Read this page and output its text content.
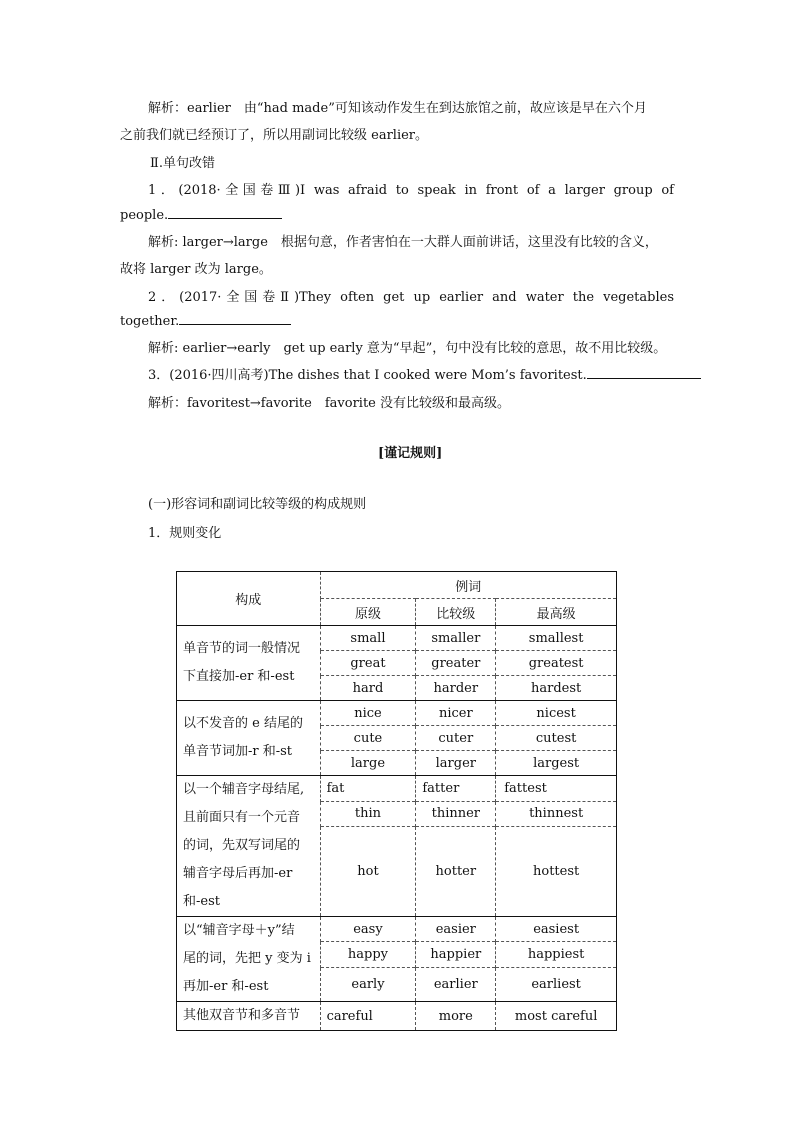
解析：earlier　由“had made”可知该动作发生在到达旅馆之前，故应该是早在六个月
之前我们就已经预订了，所以用副词比较级 earlier。
Ⅱ.单句改错
1．(2018·全国卷Ⅲ)I was afraid to speak in front of a larger group of
people.
解析: larger→large　根据句意，作者害怕在一大群人面前讲话，这里没有比较的含义，
故将 larger 改为 large。
2．(2017·全国卷Ⅱ)They often get up earlier and water the vegetables
together.
解析: earlier→early　get up early 意为“早起”，句中没有比较的意思，故不用比较级。
3．(2016·四川高考)The dishes that I cooked were Mom’s favoritest.
解析：favoritest→favorite　favorite 没有比较级和最高级。
[谨记规则]
(一)形容词和副词比较等级的构成规则
1．规则变化
构成	例词		
	原级	比较级	最高级

单音节的词一般情况
下直接加-er 和-est	small	smaller	smallest
	great	greater	greatest
	hard	harder	hardest

以不发音的 e 结尾的
单音节词加-r 和-st	nice	nicer	nicest
	cute	cuter	cutest
	large	larger	largest

以一个辅音字母结尾,
且前面只有一个元音
的词，先双写词尾的
辅音字母后再加-er
和-est	fat	fatter	fattest
	thin	thinner	thinnest
	hot	hotter	hottest

以“辅音字母＋y”结
尾的词，先把 y 变为 i
再加-er 和-est	easy	easier	easiest
	happy	happier	happiest
	early	earlier	earliest

其他双音节和多音节	careful	more	most careful
